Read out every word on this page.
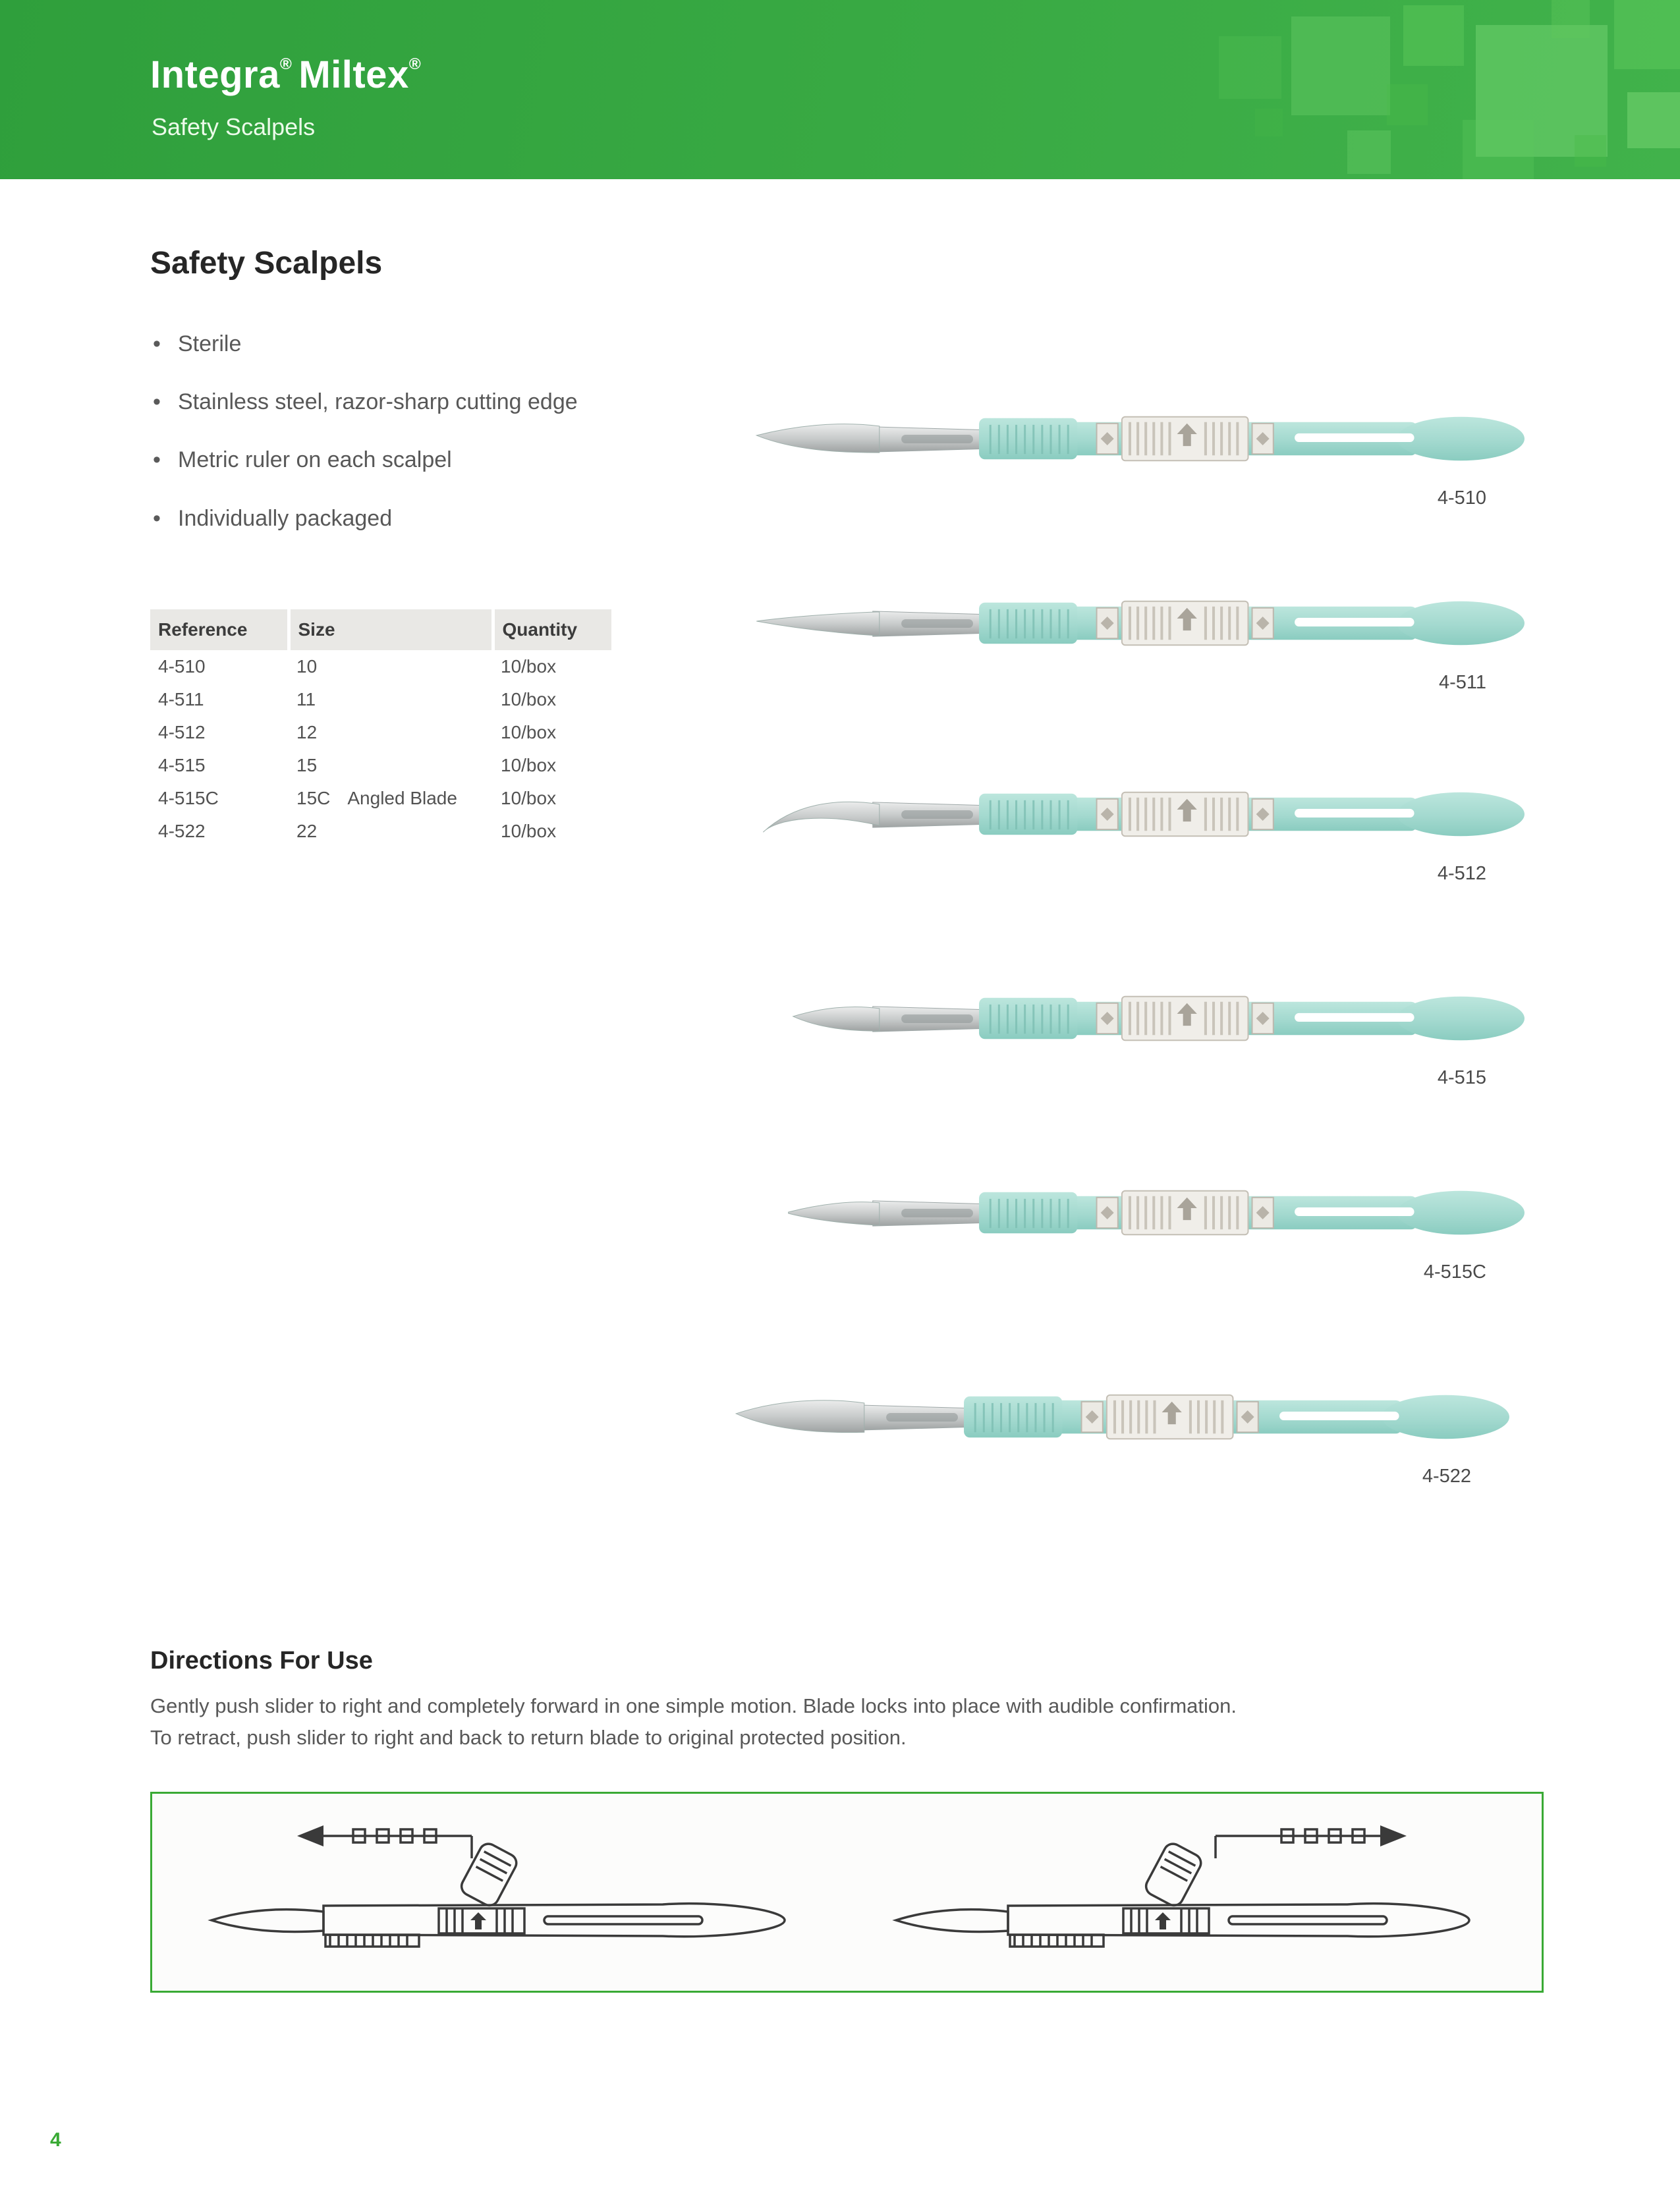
Integra® Miltex®
Safety Scalpels
Safety Scalpels
• Sterile
• Stainless steel, razor-sharp cutting edge
• Metric ruler on each scalpel
• Individually packaged
Reference	Size	Quantity
4-510	10	10/box
4-511	11	10/box
4-512	12	10/box
4-515	15	10/box
4-515C	15C Angled Blade	10/box
4-522	22	10/box
4-510
4-511
4-512
4-515
4-515C
4-522
Directions For Use
Gently push slider to right and completely forward in one simple motion. Blade locks into place with audible confirmation.
To retract, push slider to right and back to return blade to original protected position.
4
